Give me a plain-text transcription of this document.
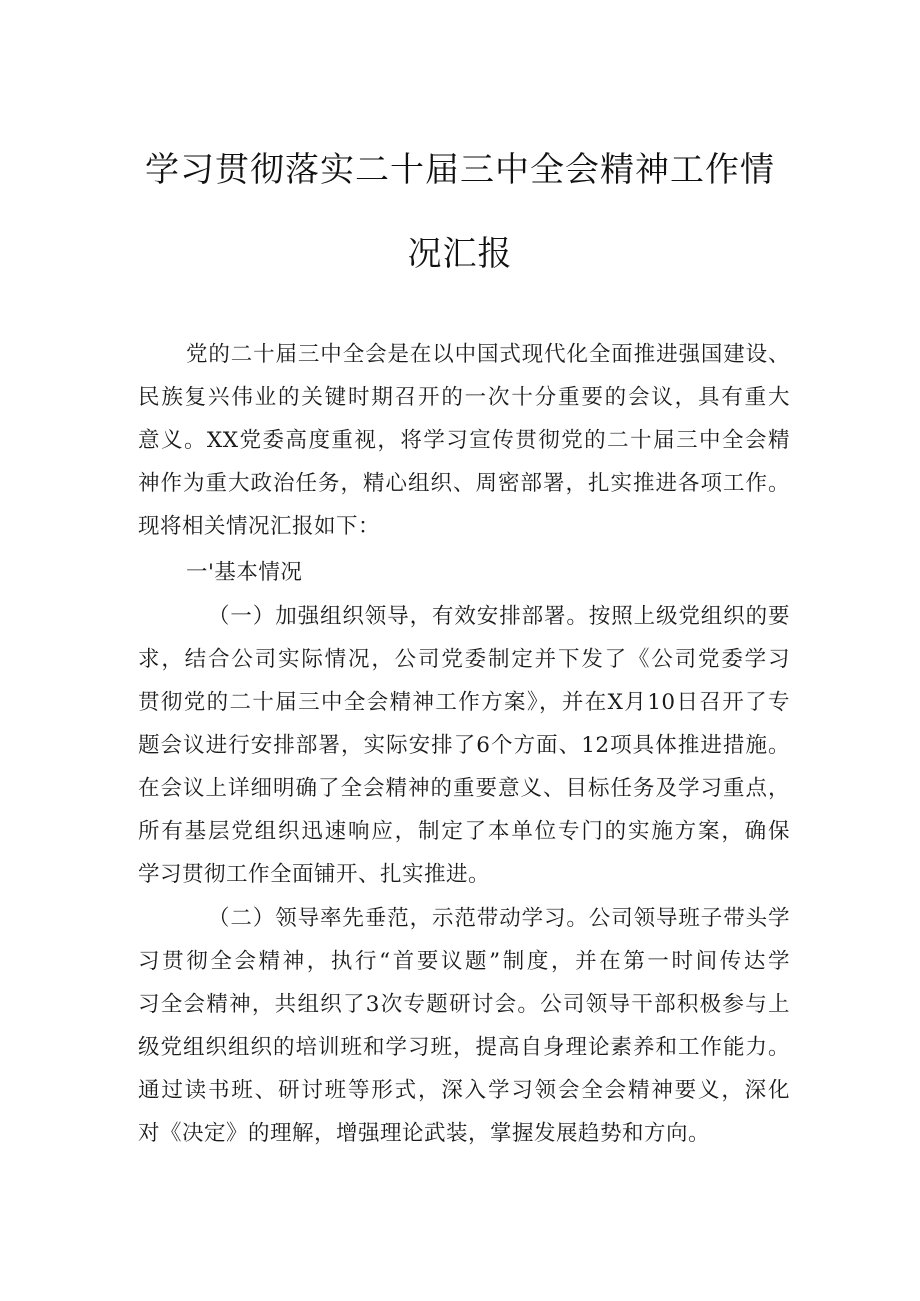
学习贯彻落实二十届三中全会精神工作情
况汇报
党的二十届三中全会是在以中国式现代化全面推进强国建设、
民族复兴伟业的关键时期召开的一次十分重要的会议，具有重大
意义。XX党委高度重视，将学习宣传贯彻党的二十届三中全会精
神作为重大政治任务，精心组织、周密部署，扎实推进各项工作。
现将相关情况汇报如下：
一'基本情况
（一）加强组织领导，有效安排部署。按照上级党组织的要
求，结合公司实际情况，公司党委制定并下发了《公司党委学习
贯彻党的二十届三中全会精神工作方案》，并在X月10日召开了专
题会议进行安排部署，实际安排了6个方面、12项具体推进措施。
在会议上详细明确了全会精神的重要意义、目标任务及学习重点，
所有基层党组织迅速响应，制定了本单位专门的实施方案，确保
学习贯彻工作全面铺开、扎实推进。
（二）领导率先垂范，示范带动学习。公司领导班子带头学
习贯彻全会精神，执行“首要议题”制度，并在第一时间传达学
习全会精神，共组织了3次专题研讨会。公司领导干部积极参与上
级党组织组织的培训班和学习班，提高自身理论素养和工作能力。
通过读书班、研讨班等形式，深入学习领会全会精神要义，深化
对《决定》的理解，增强理论武装，掌握发展趋势和方向。
